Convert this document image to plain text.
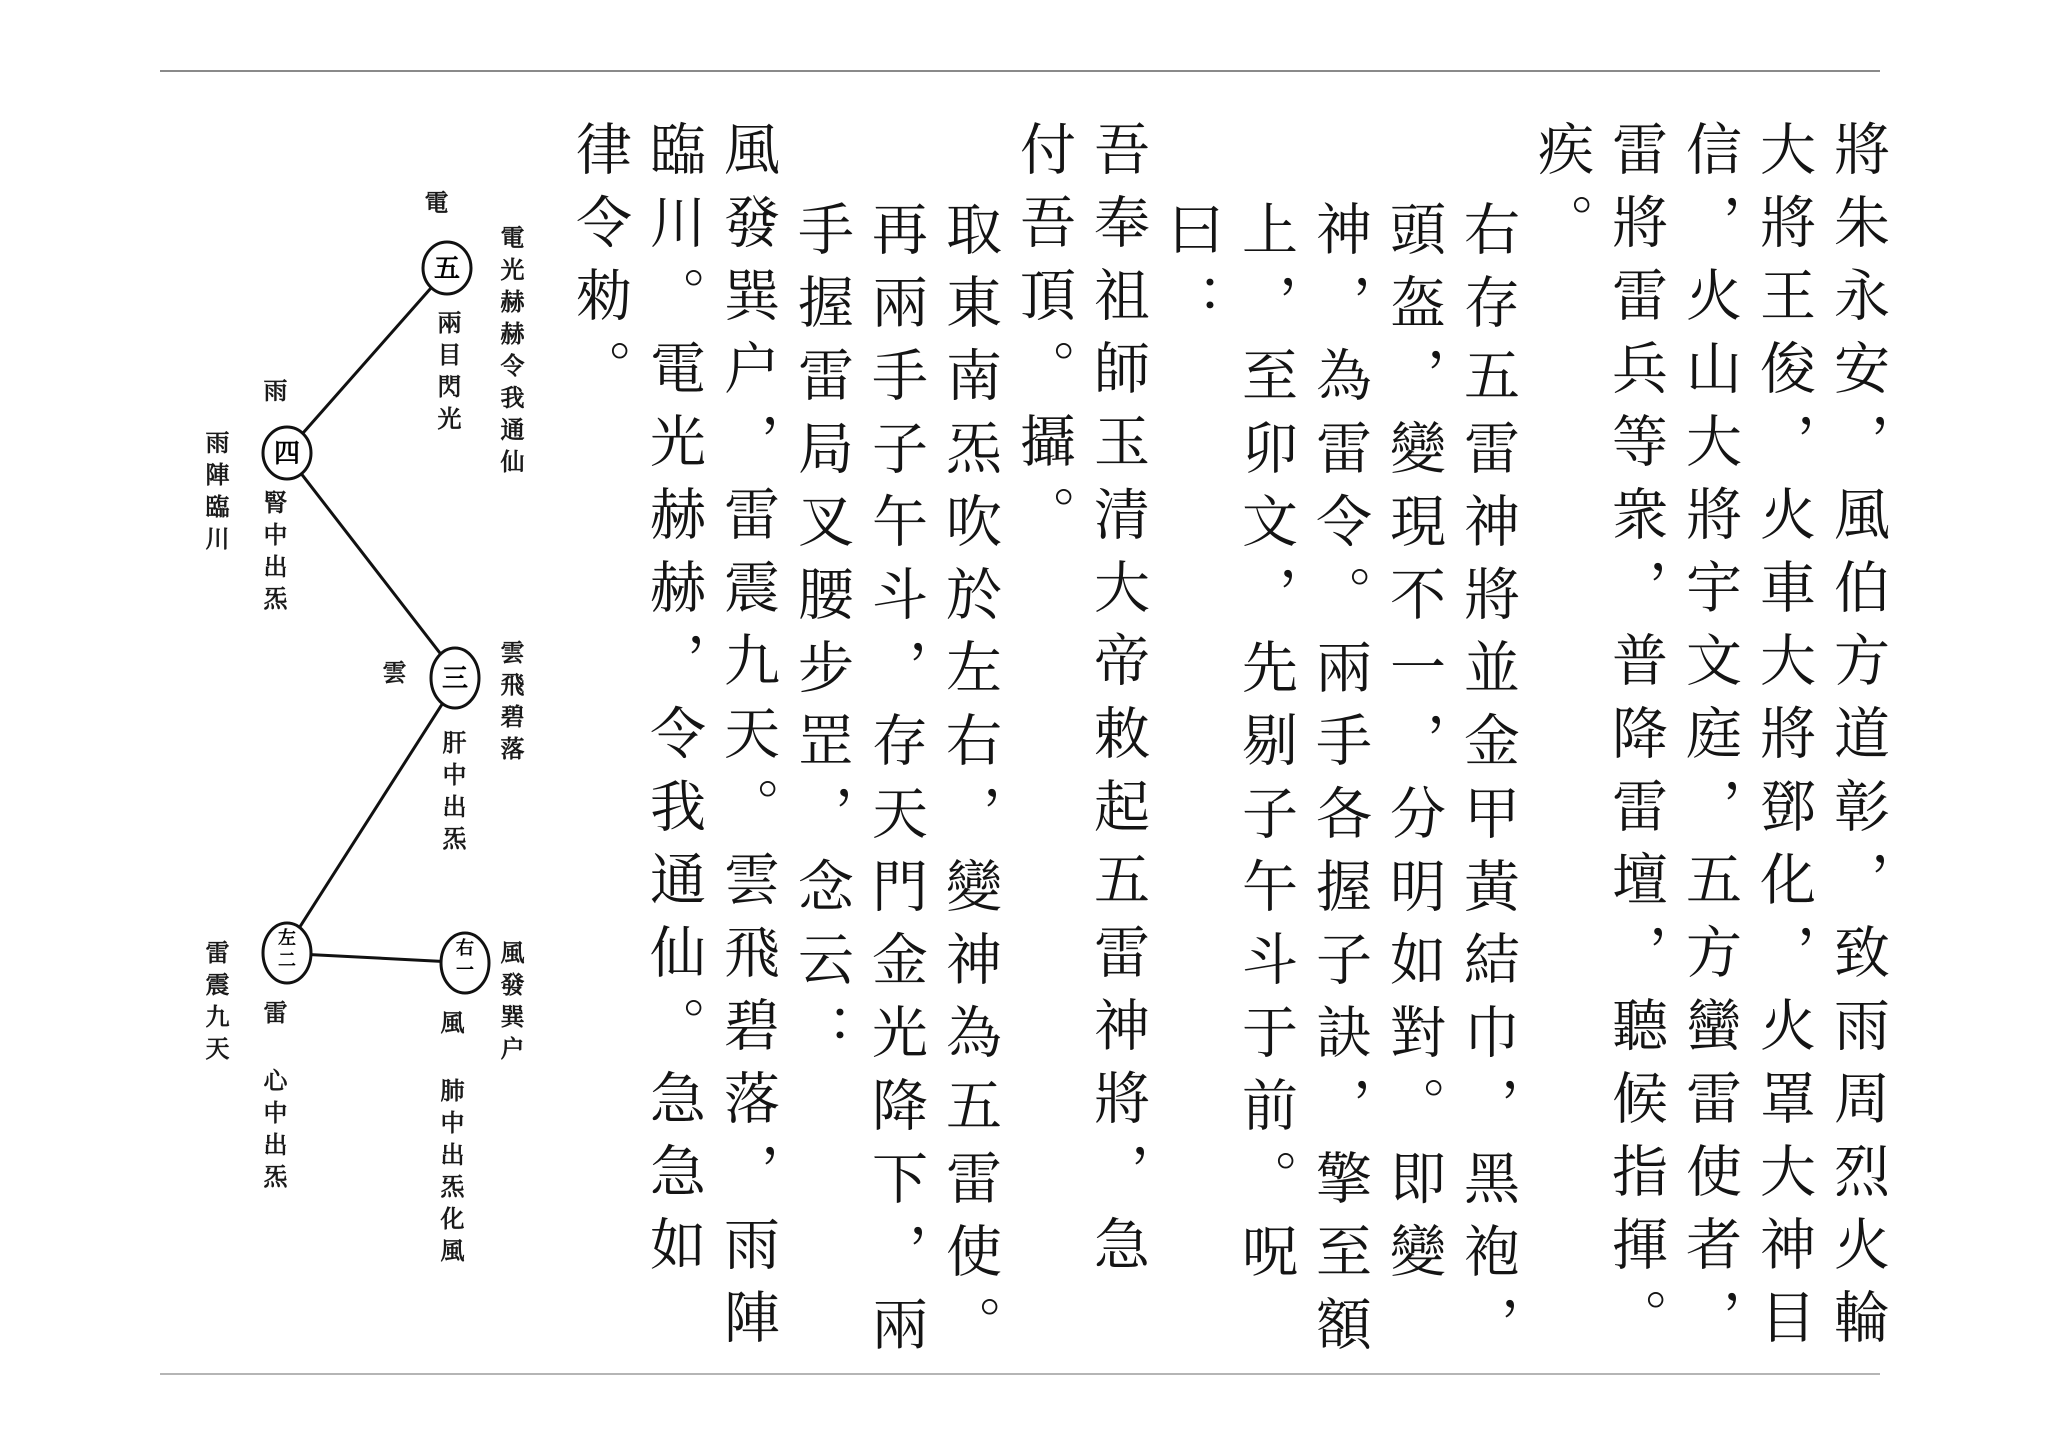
將朱永安，風伯方道彰，致雨周烈火輪
大將王俊，火車大將鄧化，火罩大神目
信，火山大將宇文庭，五方蠻雷使者，
雷將雷兵等衆，普降雷壇，聽候指揮。
疾。
右存五雷神將並金甲黃結巾，黑袍，
頭盔，變現不一，分明如對。即變
神，為雷令。兩手各握子訣，擎至額
上，至卯文，先剔子午斗于前。呪
曰：
吾奉祖師玉清大帝敕起五雷神將，急
付吾頂。攝。
取東南炁吹於左右，變神為五雷使。
再兩手子午斗，存天門金光降下，兩
手握雷局叉腰步罡，念云：
風發巽户，雷震九天。雲飛碧落，雨陣
臨川。電光赫赫，令我通仙。急急如
律令勑。
五
四
三
左
二
右
一
電
兩目閃光 電光赫赫令我通仙
雨
腎中出炁
雨陣臨川
雲
肝中出炁
雲飛碧落
雷 心中出炁
雷震九天
風 肺中出炁化風
風發巽户
